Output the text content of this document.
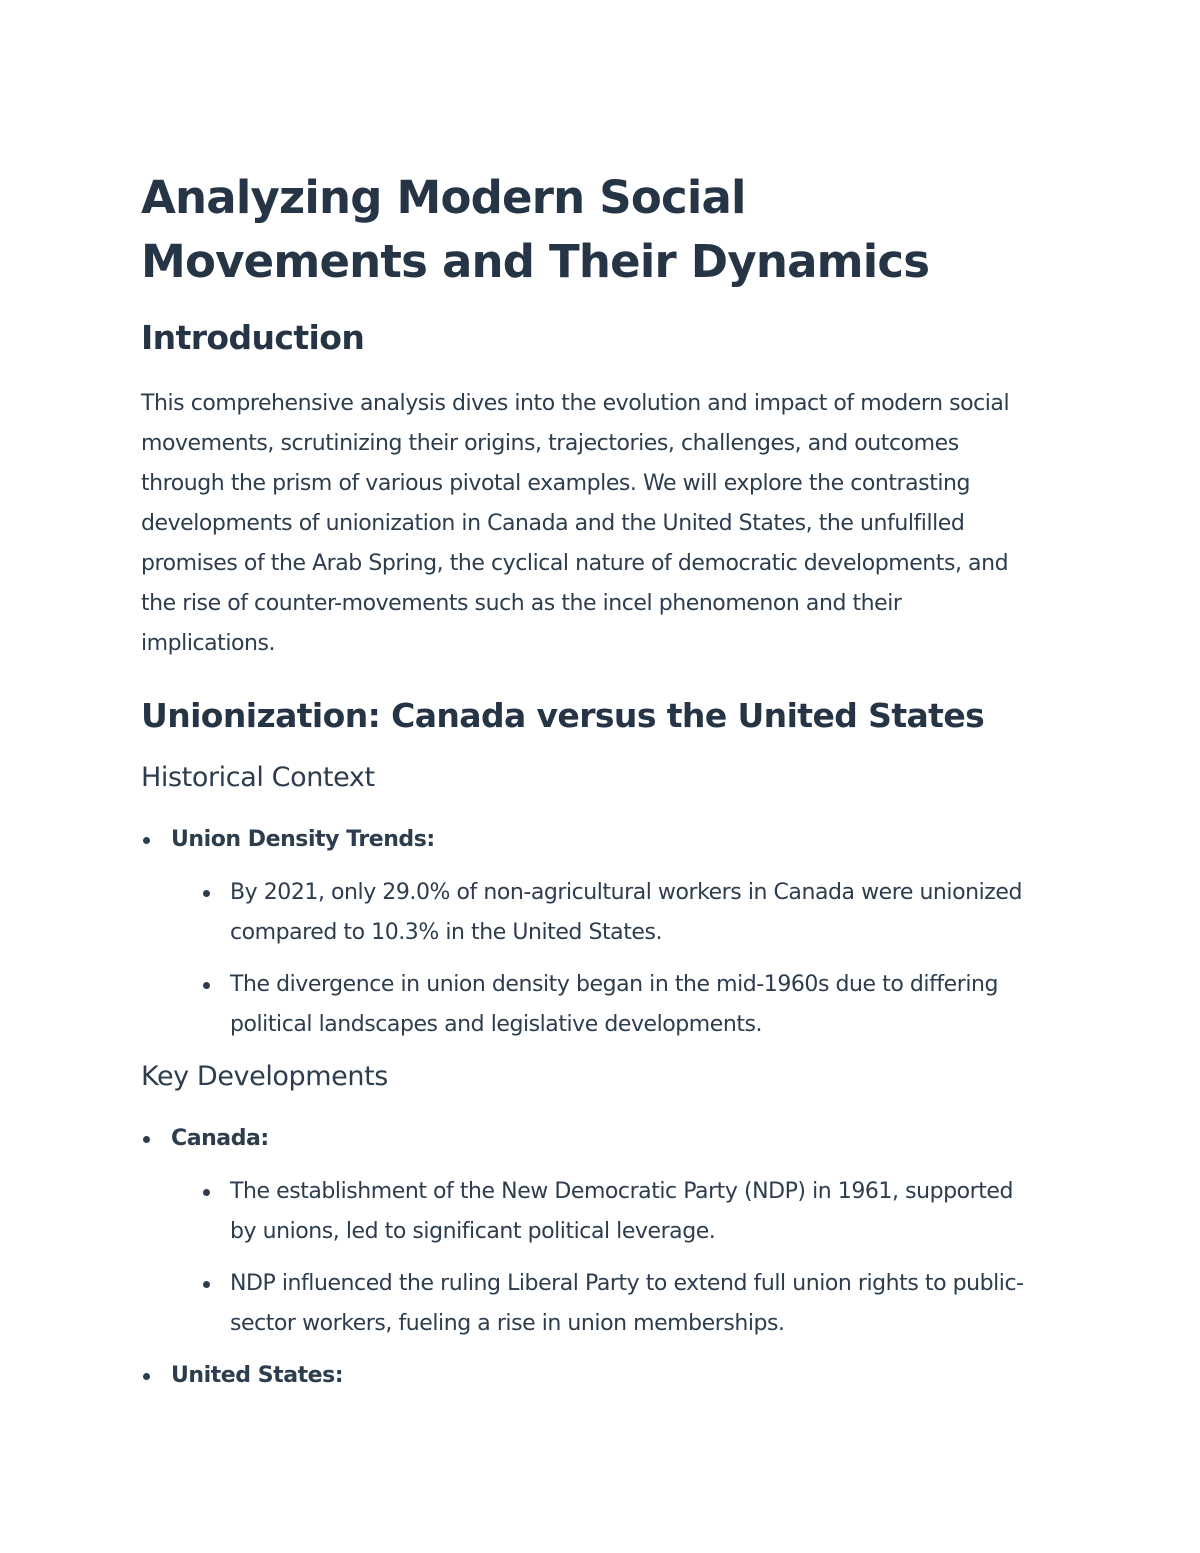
Analyzing Modern Social Movements and Their Dynamics
Introduction

This comprehensive analysis dives into the evolution and impact of modern social movements, scrutinizing their origins, trajectories, challenges, and outcomes through the prism of various pivotal examples. We will explore the contrasting developments of unionization in Canada and the United States, the unfulfilled promises of the Arab Spring, the cyclical nature of democratic developments, and the rise of counter-movements such as the incel phenomenon and their implications.

Unionization: Canada versus the United States
Historical Context
Union Density Trends:
By 2021, only 29.0% of non-agricultural workers in Canada were unionized compared to 10.3% in the United States.
The divergence in union density began in the mid-1960s due to differing political landscapes and legislative developments.
Key Developments
Canada:
The establishment of the New Democratic Party (NDP) in 1961, supported by unions, led to significant political leverage.
NDP influenced the ruling Liberal Party to extend full union rights to public-sector workers, fueling a rise in union memberships.
United States:
